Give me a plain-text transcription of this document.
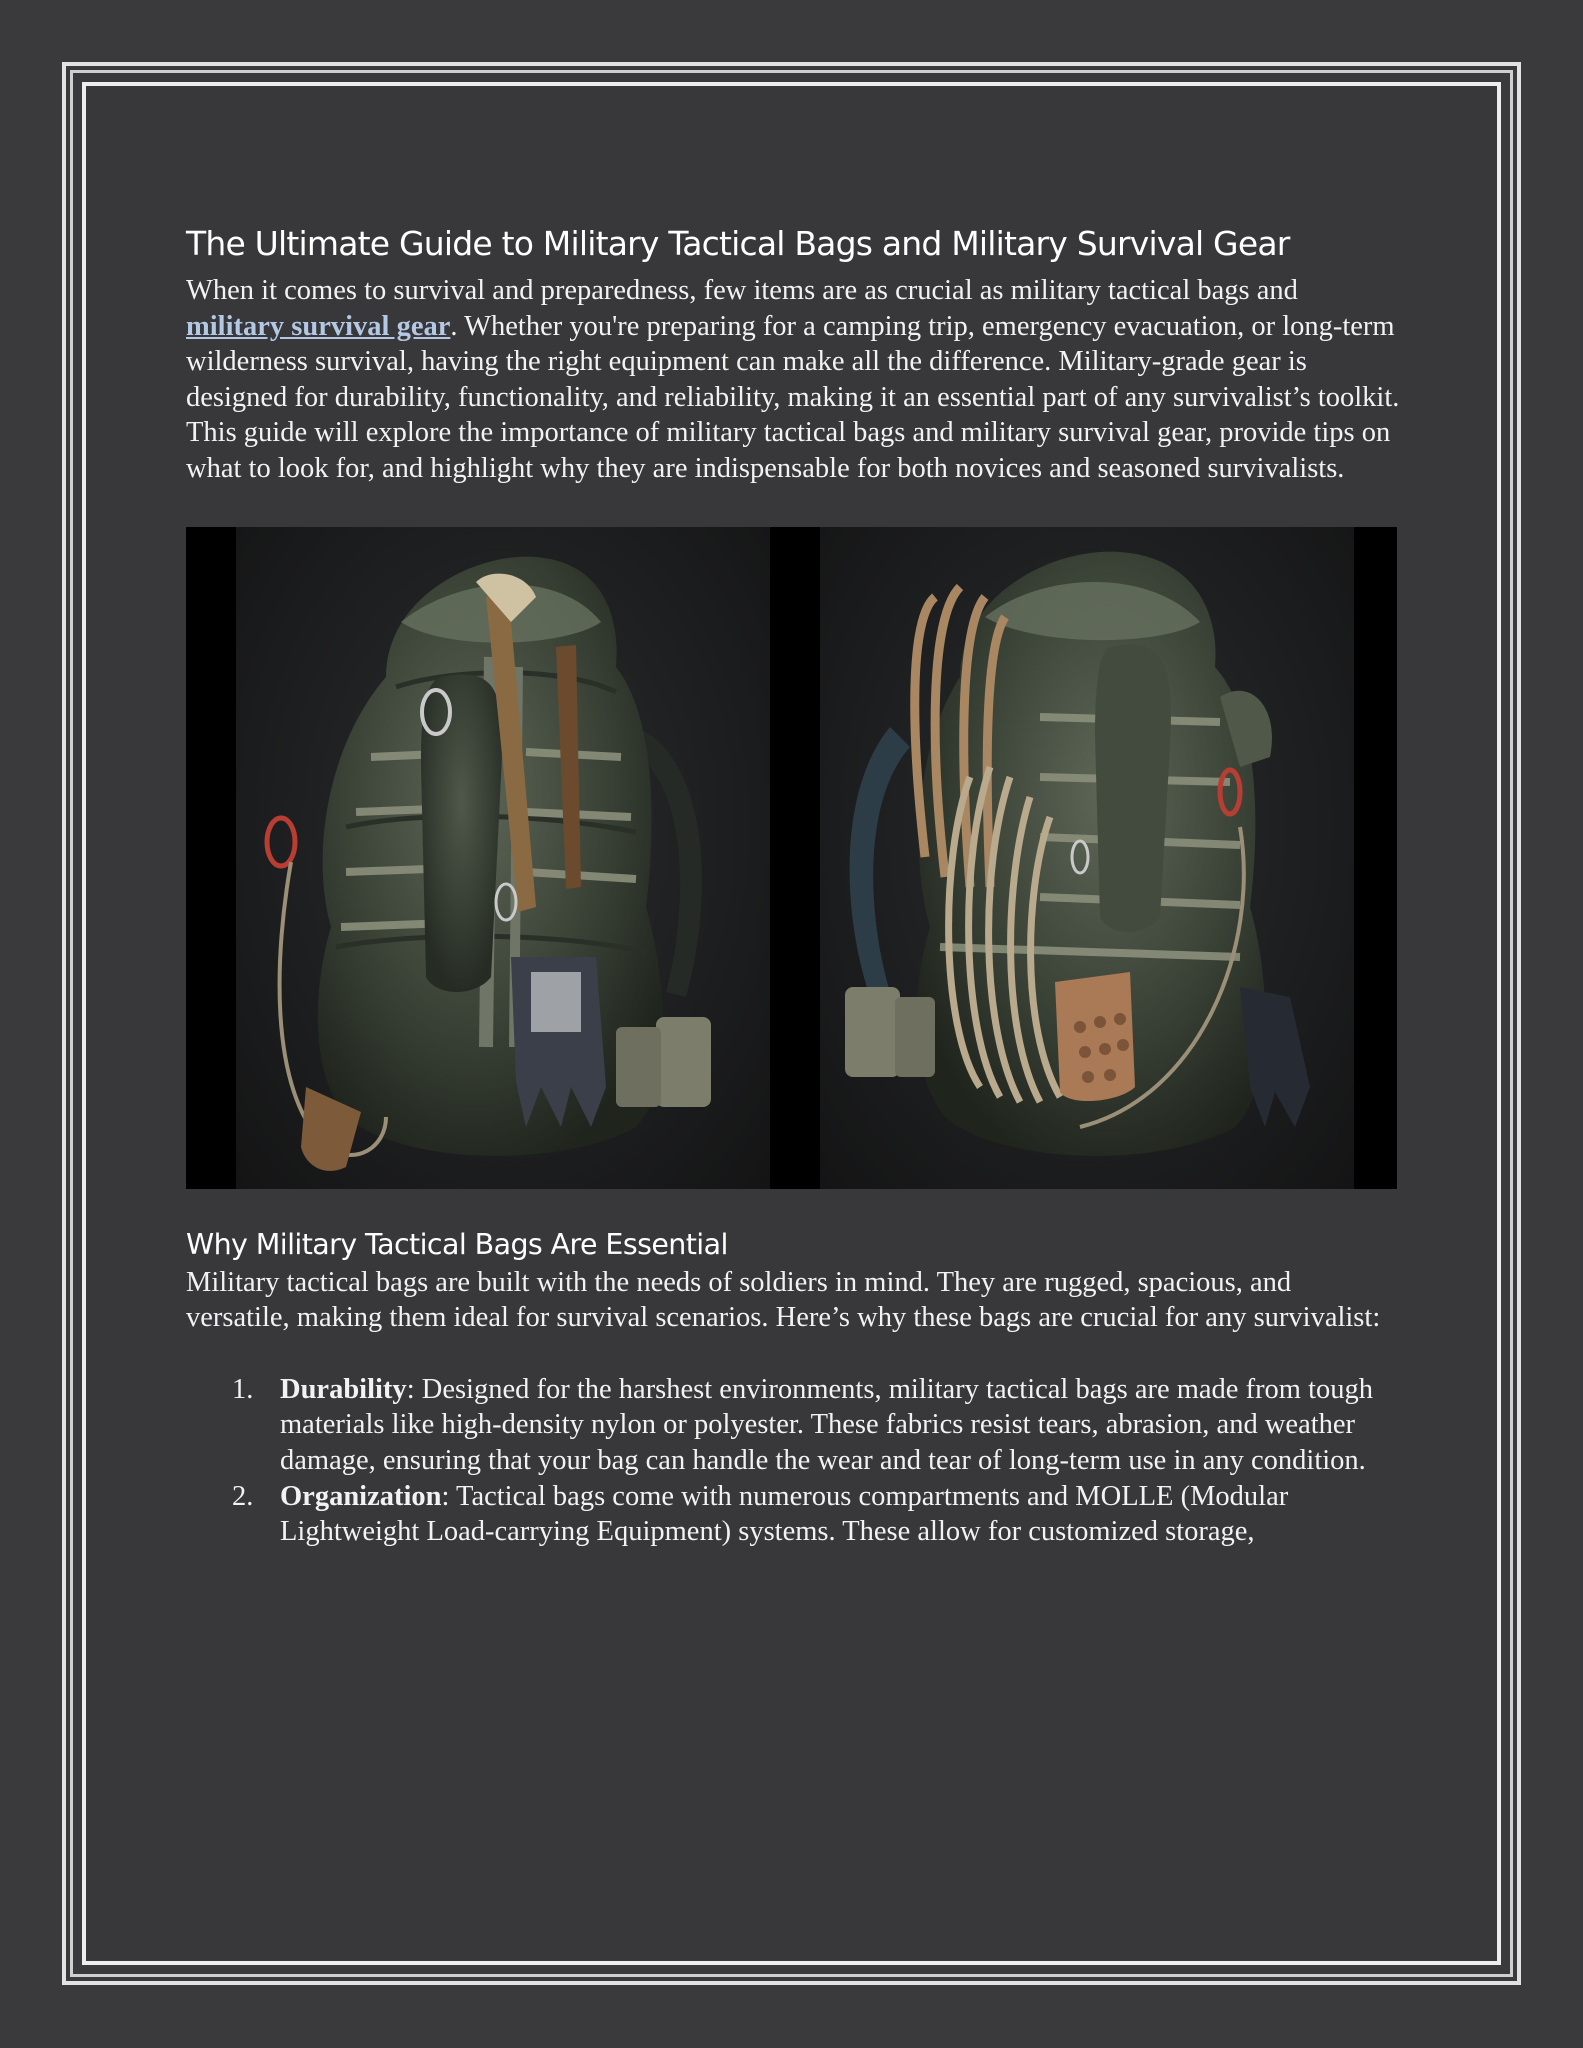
The Ultimate Guide to Military Tactical Bags and Military Survival Gear

When it comes to survival and preparedness, few items are as crucial as military tactical bags and military survival gear. Whether you're preparing for a camping trip, emergency evacuation, or long-term wilderness survival, having the right equipment can make all the difference. Military-grade gear is designed for durability, functionality, and reliability, making it an essential part of any survivalist’s toolkit.

This guide will explore the importance of military tactical bags and military survival gear, provide tips on what to look for, and highlight why they are indispensable for both novices and seasoned survivalists.

Why Military Tactical Bags Are Essential

Military tactical bags are built with the needs of soldiers in mind. They are rugged, spacious, and versatile, making them ideal for survival scenarios. Here’s why these bags are crucial for any survivalist:

1. Durability: Designed for the harshest environments, military tactical bags are made from tough materials like high-density nylon or polyester. These fabrics resist tears, abrasion, and weather damage, ensuring that your bag can handle the wear and tear of long-term use in any condition.
2. Organization: Tactical bags come with numerous compartments and MOLLE (Modular Lightweight Load-carrying Equipment) systems. These allow for customized storage,
